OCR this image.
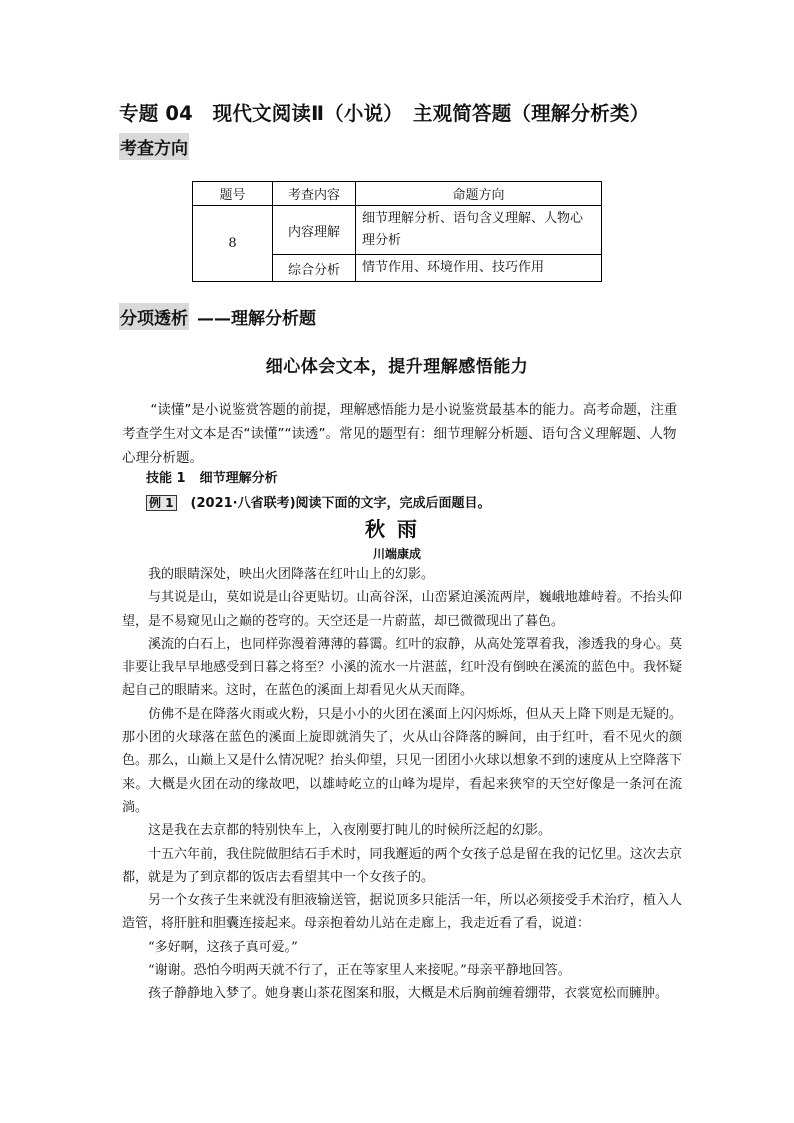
专题 04　现代文阅读Ⅱ（小说）　主观简答题（理解分析类）
考查方向
题号	考查内容	命题方向
8	内容理解	细节理解分析、语句含义理解、人物心理分析
	综合分析	情节作用、环境作用、技巧作用
分项透析 ——理解分析题
细心体会文本，提升理解感悟能力
“读懂”是小说鉴赏答题的前提，理解感悟能力是小说鉴赏最基本的能力。高考命题，注重考查学生对文本是否“读懂”“读透”。常见的题型有：细节理解分析题、语句含义理解题、人物心理分析题。
技能 1 细节理解分析
例 1 (2021·八省联考)阅读下面的文字，完成后面题目。
秋雨
川端康成

我的眼睛深处，映出火团降落在红叶山上的幻影。

与其说是山，莫如说是山谷更贴切。山高谷深，山峦紧迫溪流两岸，巍峨地雄峙着。不抬头仰望，是不易窥见山之巅的苍穹的。天空还是一片蔚蓝，却已微微现出了暮色。

溪流的白石上，也同样弥漫着薄薄的暮霭。红叶的寂静，从高处笼罩着我，渗透我的身心。莫非要让我早早地感受到日暮之将至？小溪的流水一片湛蓝，红叶没有倒映在溪流的蓝色中。我怀疑起自己的眼睛来。这时，在蓝色的溪面上却看见火从天而降。

仿佛不是在降落火雨或火粉，只是小小的火团在溪面上闪闪烁烁，但从天上降下则是无疑的。那小团的火球落在蓝色的溪面上旋即就消失了，火从山谷降落的瞬间，由于红叶，看不见火的颜色。那么，山巅上又是什么情况呢？抬头仰望，只见一团团小火球以想象不到的速度从上空降落下来。大概是火团在动的缘故吧，以雄峙屹立的山峰为堤岸，看起来狭窄的天空好像是一条河在流淌。

这是我在去京都的特别快车上，入夜刚要打盹儿的时候所泛起的幻影。

十五六年前，我住院做胆结石手术时，同我邂逅的两个女孩子总是留在我的记忆里。这次去京都，就是为了到京都的饭店去看望其中一个女孩子的。

另一个女孩子生来就没有胆液输送管，据说顶多只能活一年，所以必须接受手术治疗，植入人造管，将肝脏和胆囊连接起来。母亲抱着幼儿站在走廊上，我走近看了看，说道：

“多好啊，这孩子真可爱。”

“谢谢。恐怕今明两天就不行了，正在等家里人来接呢。”母亲平静地回答。

孩子静静地入梦了。她身裹山茶花图案和服，大概是术后胸前缠着绷带，衣裳宽松而臃肿。
